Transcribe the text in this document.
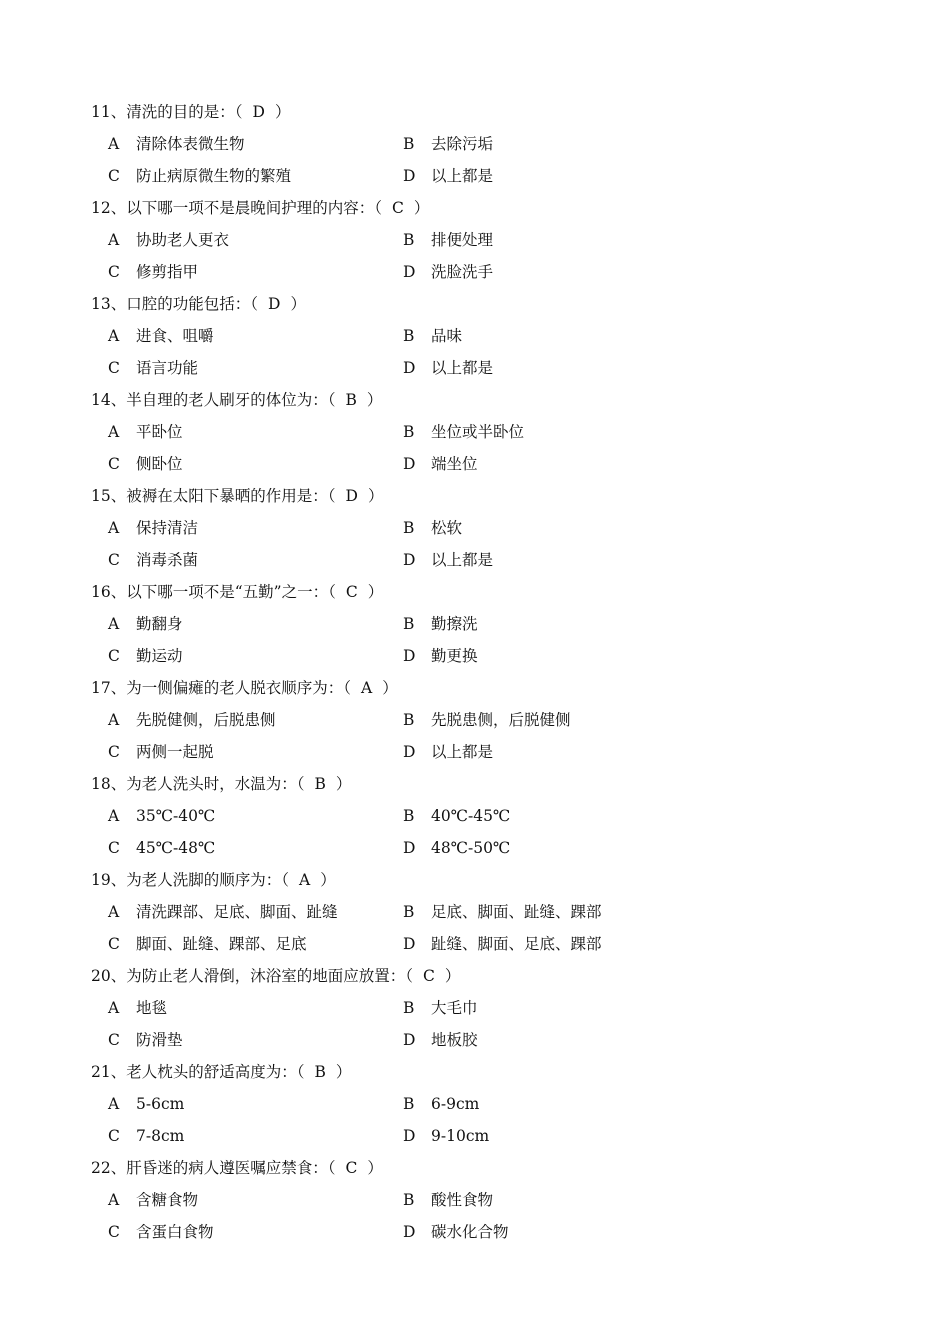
11、清洗的目的是：（ D ）
A 清除体表微生物	B 去除污垢
C 防止病原微生物的繁殖	D 以上都是
12、以下哪一项不是晨晚间护理的内容：（ C ）
A 协助老人更衣	B 排便处理
C 修剪指甲	D 洗脸洗手
13、口腔的功能包括：（ D ）
A 进食、咀嚼	B 品味
C 语言功能	D 以上都是
14、半自理的老人刷牙的体位为：（ B ）
A 平卧位	B 坐位或半卧位
C 侧卧位	D 端坐位
15、被褥在太阳下暴晒的作用是：（ D ）
A 保持清洁	B 松软
C 消毒杀菌	D 以上都是
16、以下哪一项不是“五勤”之一：（ C ）
A 勤翻身	B 勤擦洗
C 勤运动	D 勤更换
17、为一侧偏瘫的老人脱衣顺序为：（ A ）
A 先脱健侧，后脱患侧	B 先脱患侧，后脱健侧
C 两侧一起脱	D 以上都是
18、为老人洗头时，水温为：（ B ）
A 35℃-40℃	B 40℃-45℃
C 45℃-48℃	D 48℃-50℃
19、为老人洗脚的顺序为：（ A ）
A 清洗踝部、足底、脚面、趾缝	B 足底、脚面、趾缝、踝部
C 脚面、趾缝、踝部、足底	D 趾缝、脚面、足底、踝部
20、为防止老人滑倒，沐浴室的地面应放置：（ C ）
A 地毯	B 大毛巾
C 防滑垫	D 地板胶
21、老人枕头的舒适高度为：（ B ）
A 5-6cm	B 6-9cm
C 7-8cm	D 9-10cm
22、肝昏迷的病人遵医嘱应禁食：（ C ）
A 含糖食物	B 酸性食物
C 含蛋白食物	D 碳水化合物
